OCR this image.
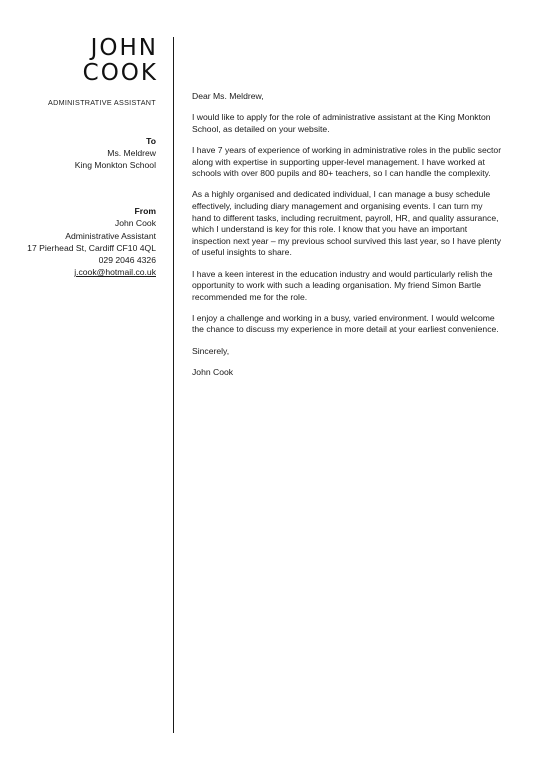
JOHN
COOK
ADMINISTRATIVE ASSISTANT
To
Ms. Meldrew
King Monkton School
From
John Cook
Administrative Assistant
17 Pierhead St, Cardiff CF10 4QL
029 2046 4326
j.cook@hotmail.co.uk

Dear Ms. Meldrew,

I would like to apply for the role of administrative assistant at the King Monkton School, as detailed on your website.

I have 7 years of experience of working in administrative roles in the public sector along with expertise in supporting upper-level management. I have worked at schools with over 800 pupils and 80+ teachers, so I can handle the complexity.

As a highly organised and dedicated individual, I can manage a busy schedule effectively, including diary management and organising events. I can turn my hand to different tasks, including recruitment, payroll, HR, and quality assurance, which I understand is key for this role. I know that you have an important inspection next year – my previous school survived this last year, so I have plenty of useful insights to share.

I have a keen interest in the education industry and would particularly relish the opportunity to work with such a leading organisation. My friend Simon Bartle recommended me for the role.

I enjoy a challenge and working in a busy, varied environment. I would welcome the chance to discuss my experience in more detail at your earliest convenience.

Sincerely,

John Cook
